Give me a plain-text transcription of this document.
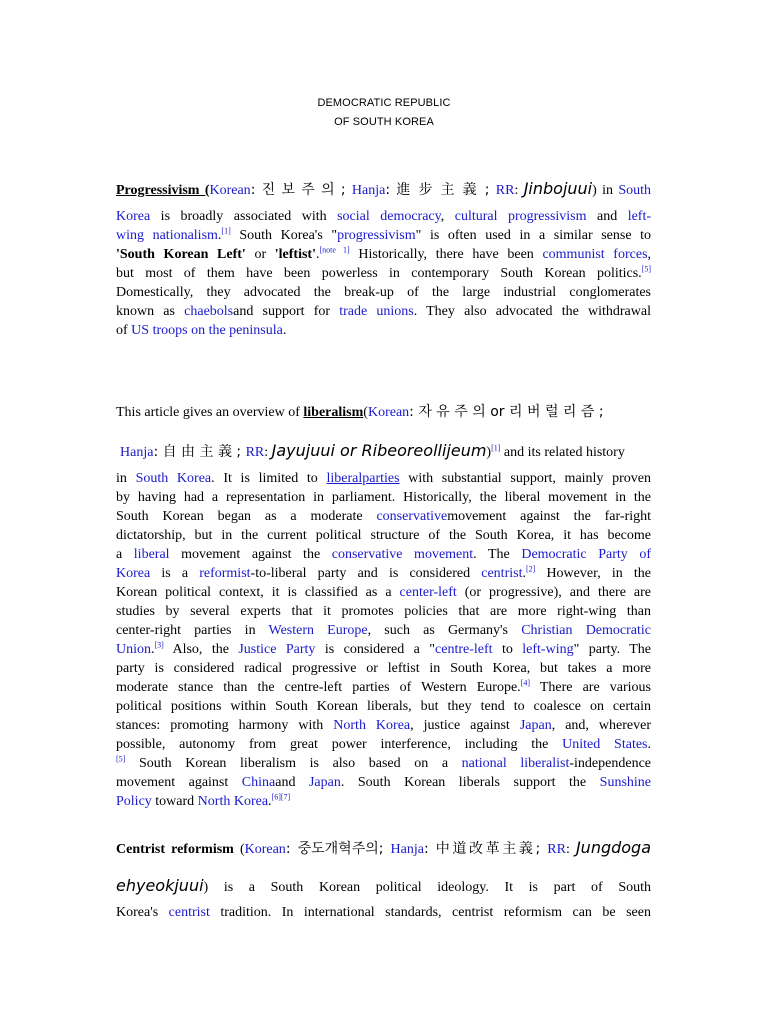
DEMOCRATIC REPUBLIC
OF SOUTH KOREA
Progressivism (Korean: 진 보 주 의 ; Hanja: 進 步 主 義 ; RR: Jinbojuui) in South
Korea is broadly associated with social democracy, cultural progressivism and left-
wing nationalism.[1] South Korea's "progressivism" is often used in a similar sense to
'South Korean Left' or 'leftist'.[note 1] Historically, there have been communist forces,
but most of them have been powerless in contemporary South Korean politics.[5]
Domestically, they advocated the break-up of the large industrial conglomerates
known as chaebolsand support for trade unions. They also advocated the withdrawal
of US troops on the peninsula.
This article gives an overview of liberalism(Korean: 자 유 주 의 or 리 버 럴 리 즘 ;
Hanja: 自 由 主 義 ; RR: Jayujuui or Ribeoreollijeum)[1] and its related history
in South Korea. It is limited to liberalparties with substantial support, mainly proven
by having had a representation in parliament. Historically, the liberal movement in the
South Korean began as a moderate conservativemovement against the far-right
dictatorship, but in the current political structure of the South Korea, it has become
a liberal movement against the conservative movement. The Democratic Party of
Korea is a reformist-to-liberal party and is considered centrist.[2] However, in the
Korean political context, it is classified as a center-left (or progressive), and there are
studies by several experts that it promotes policies that are more right-wing than
center-right parties in Western Europe, such as Germany's Christian Democratic
Union.[3] Also, the Justice Party is considered a "centre-left to left-wing" party. The
party is considered radical progressive or leftist in South Korea, but takes a more
moderate stance than the centre-left parties of Western Europe.[4] There are various
political positions within South Korean liberals, but they tend to coalesce on certain
stances: promoting harmony with North Korea, justice against Japan, and, wherever
possible, autonomy from great power interference, including the United States.
[5] South Korean liberalism is also based on a national liberalist-independence
movement against Chinaand Japan. South Korean liberals support the Sunshine
Policy toward North Korea.[6][7]
Centrist reformism (Korean: 중도개혁주의; Hanja: 中道改革主義; RR: Jungdoga
ehyeokjuui) is a South Korean political ideology. It is part of South
Korea's centrist tradition. In international standards, centrist reformism can be seen
